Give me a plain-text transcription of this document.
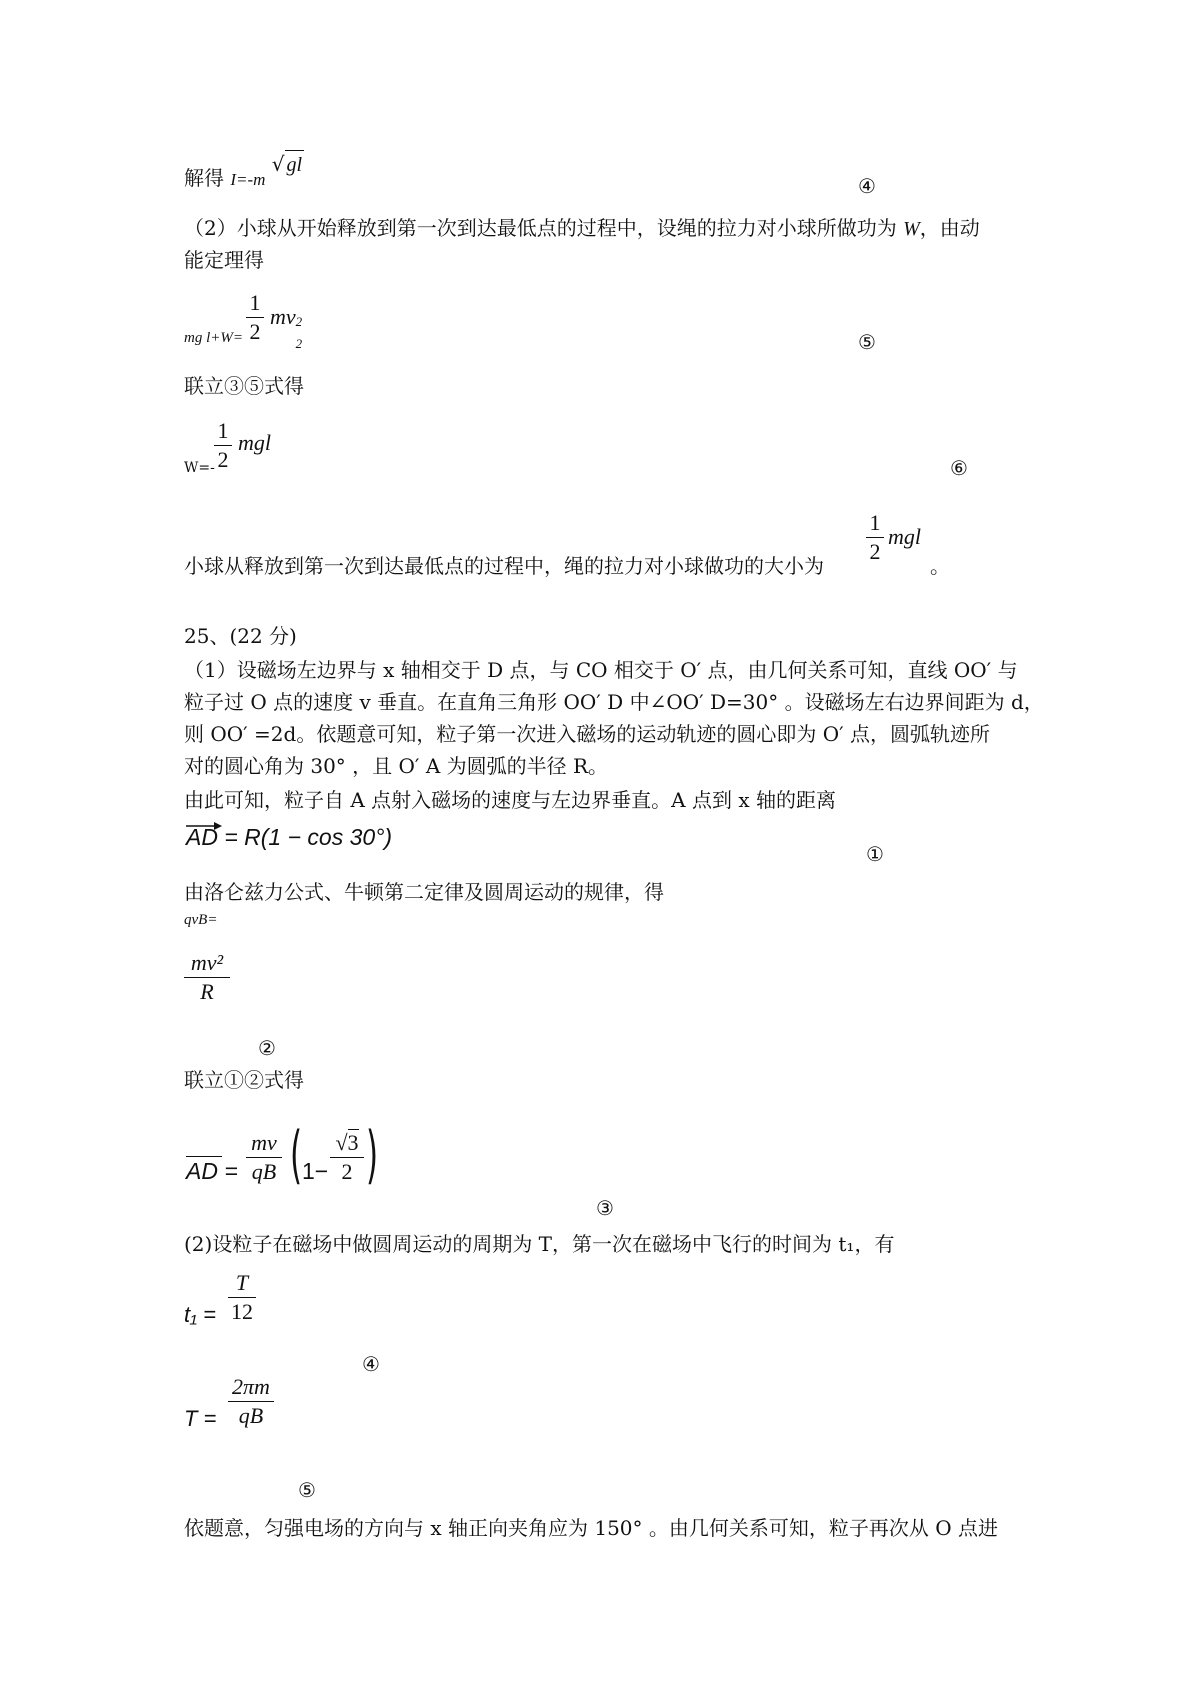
解得 I=-m √ gl
④
（2）小球从开始释放到第一次到达最低点的过程中，设绳的拉力对小球所做功为 W，由动
能定理得
mg l+W=
1
2
mv 2
2	⑤
联立③⑤式得
W=-
1
2
mgl
⑥
小球从释放到第一次到达最低点的过程中，绳的拉力对小球做功的大小为
1
2
mgl
。
25、(22 分)
（1）设磁场左边界与 x 轴相交于 D 点，与 CO 相交于 O′ 点，由几何关系可知，直线 OO′ 与
粒子过 O 点的速度 v 垂直。在直角三角形 OO′ D 中∠OO′ D=30° 。设磁场左右边界间距为 d，
则 OO′ =2d。依题意可知，粒子第一次进入磁场的运动轨迹的圆心即为 O′ 点，圆弧轨迹所
对的圆心角为 30° ，且 O′ A 为圆弧的半径 R。
由此可知，粒子自 A 点射入磁场的速度与左边界垂直。A 点到 x 轴的距离
AD = R(1 − cos 30°)
①
由洛仑兹力公式、牛顿第二定律及圆周运动的规律，得
qvB=
mv²
R
②
联立①②式得
AD =
mv
qB ( 1−
√3
2 )
③
(2)设粒子在磁场中做圆周运动的周期为 T，第一次在磁场中飞行的时间为 t₁，有
t₁ =
T
12
④
T =
2πm
qB
⑤
依题意，匀强电场的方向与 x 轴正向夹角应为 150° 。由几何关系可知，粒子再次从 O 点进
